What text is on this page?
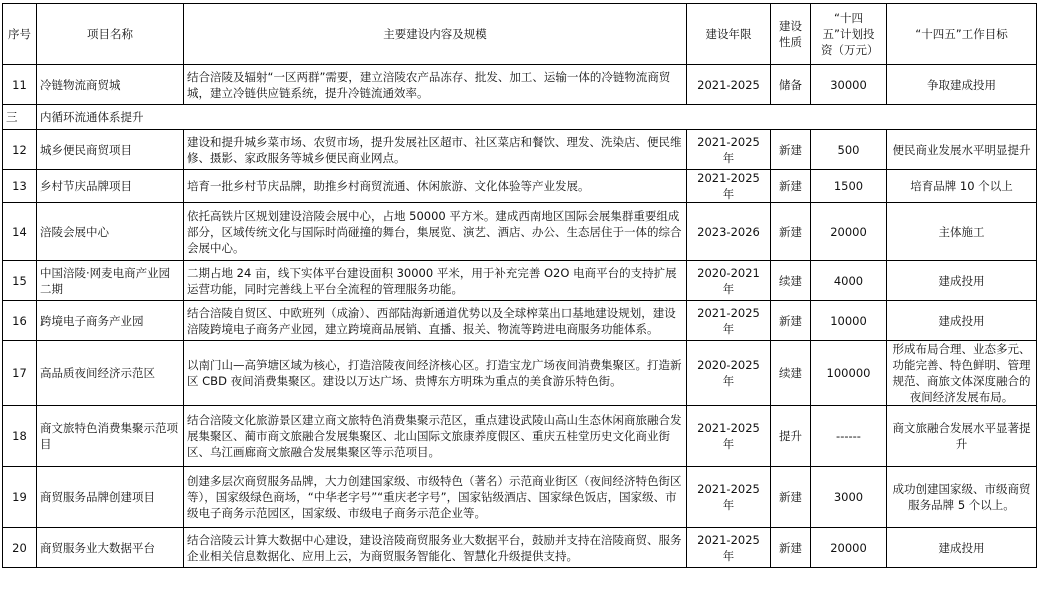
序号	项目名称	主要建设内容及规模	建设年限	建设性质	“十四五”计划投资（万元）	“十四五”工作目标
11	冷链物流商贸城	结合涪陵及辐射“一区两群”需要，建立涪陵农产品冻存、批发、加工、运输一体的冷链物流商贸城，建立冷链供应链系统，提升冷链流通效率。	2021-2025	储备	30000	争取建成投用
三	内循环流通体系提升					
12	城乡便民商贸项目	建设和提升城乡菜市场、农贸市场，提升发展社区超市、社区菜店和餐饮、理发、洗染店、便民维修、摄影、家政服务等城乡便民商业网点。	2021-2025 年	新建	500	便民商业发展水平明显提升
13	乡村节庆品牌项目	培育一批乡村节庆品牌，助推乡村商贸流通、休闲旅游、文化体验等产业发展。	2021-2025 年	新建	1500	培育品牌 10 个以上
14	涪陵会展中心	依托高铁片区规划建设涪陵会展中心，占地 50000 平方米。建成西南地区国际会展集群重要组成部分，区域传统文化与国际时尚碰撞的舞台，集展览、演艺、酒店、办公、生态居住于一体的综合会展中心。	2023-2026	新建	20000	主体施工
15	中国涪陵·网麦电商产业园二期	二期占地 24 亩，线下实体平台建设面积 30000 平米，用于补充完善 O2O 电商平台的支持扩展运营功能，同时完善线上平台全流程的管理服务功能。	2020-2021 年	续建	4000	建成投用
16	跨境电子商务产业园	结合涪陵自贸区、中欧班列（成渝）、西部陆海新通道优势以及全球榨菜出口基地建设规划，建设涪陵跨境电子商务产业园，建立跨境商品展销、直播、报关、物流等跨进电商服务功能体系。	2021-2025 年	新建	10000	建成投用
17	高品质夜间经济示范区	以南门山—高笋塘区域为核心，打造涪陵夜间经济核心区。打造宝龙广场夜间消费集聚区。打造新区 CBD 夜间消费集聚区。建设以万达广场、贵博东方明珠为重点的美食游乐特色街。	2020-2025 年	续建	100000	形成布局合理、业态多元、功能完善、特色鲜明、管理规范、商旅文体深度融合的夜间经济发展布局。
18	商文旅特色消费集聚示范项目	结合涪陵文化旅游景区建立商文旅特色消费集聚示范区，重点建设武陵山高山生态休闲商旅融合发展集聚区、蔺市商文旅融合发展集聚区、北山国际文旅康养度假区、重庆五桂堂历史文化商业街区、乌江画廊商文旅融合发展集聚区等示范项目。	2021-2025 年	提升	------	商文旅融合发展水平显著提升
19	商贸服务品牌创建项目	创建多层次商贸服务品牌，大力创建国家级、市级特色（著名）示范商业街区（夜间经济特色街区等），国家级绿色商场，“中华老字号”“重庆老字号”，国家钻级酒店、国家绿色饭店，国家级、市级电子商务示范园区，国家级、市级电子商务示范企业等。	2021-2025 年	新建	3000	成功创建国家级、市级商贸服务品牌 5 个以上。
20	商贸服务业大数据平台	结合涪陵云计算大数据中心建设，建设涪陵商贸服务业大数据平台，鼓励并支持在涪陵商贸、服务企业相关信息数据化、应用上云，为商贸服务智能化、智慧化升级提供支持。	2021-2025 年	新建	20000	建成投用
